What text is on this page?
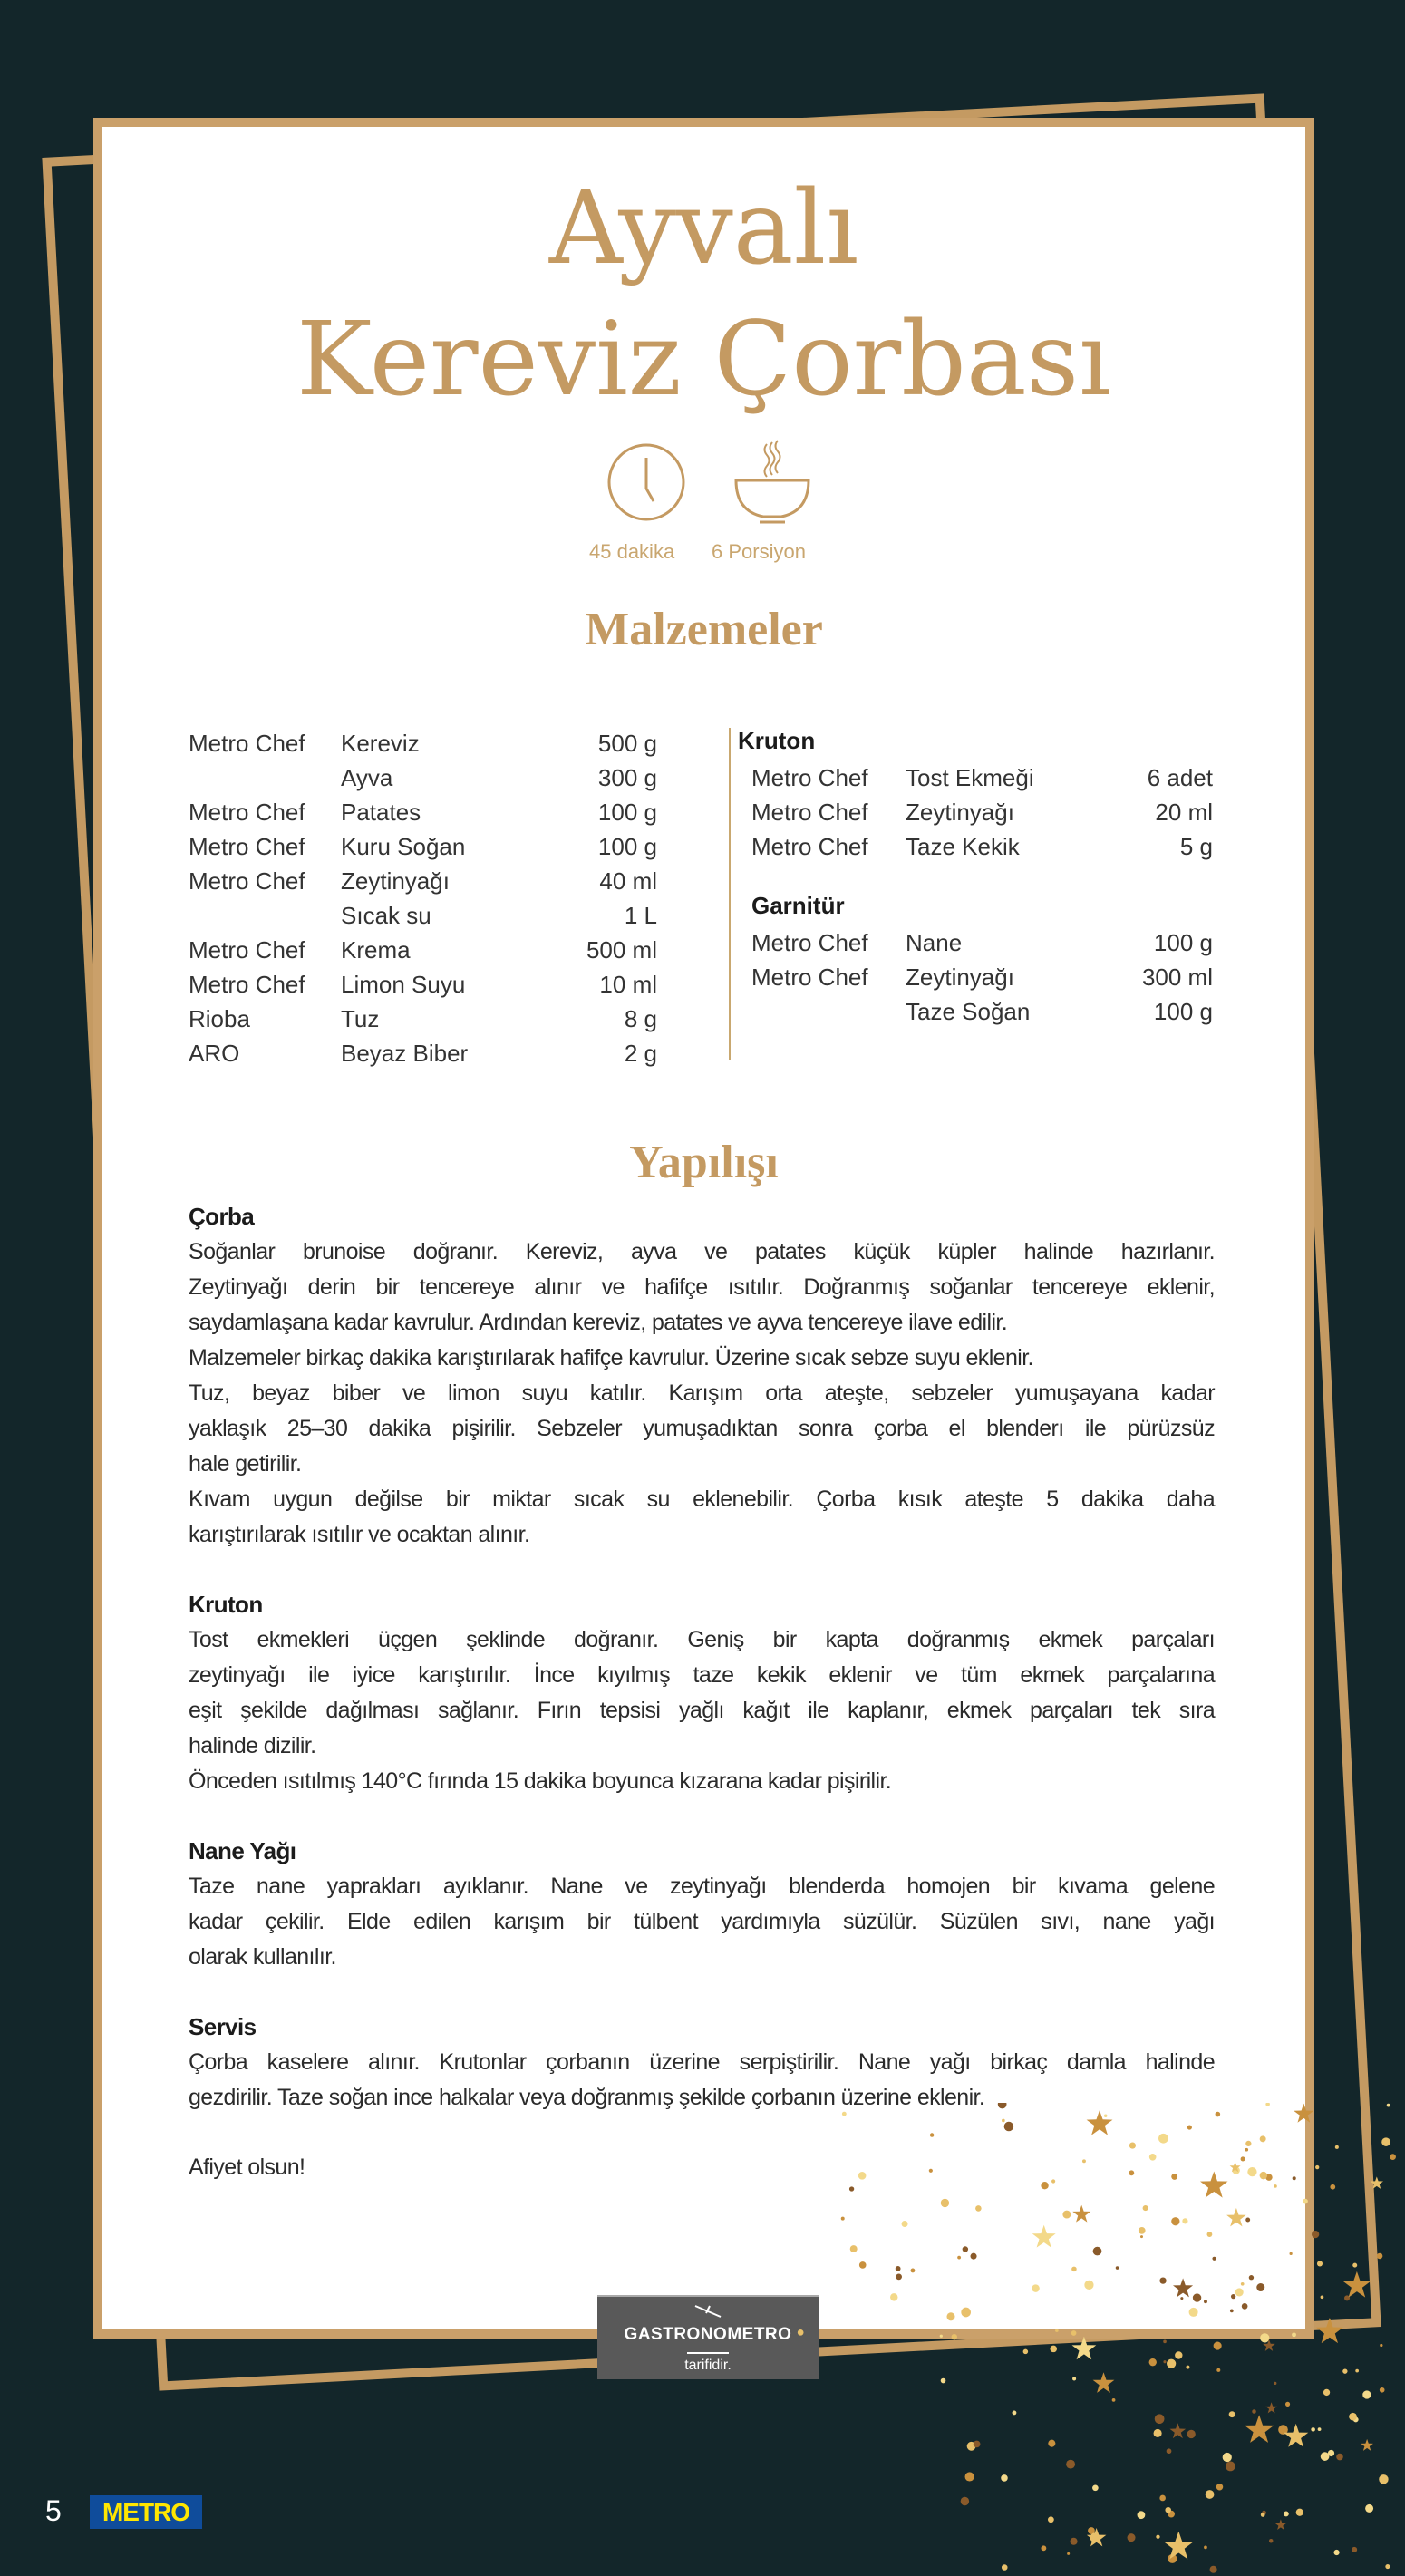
Ayvalı
Kereviz Çorbası
45 dakika 6 Porsiyon
Malzemeler
Metro Chef Kereviz	500 g
Ayva	300 g
Metro Chef Patates	100 g
Metro Chef Kuru Soğan	100 g
Metro Chef Zeytinyağı	40 ml
Sıcak su	1 L
Metro Chef Krema	500 ml
Metro Chef Limon Suyu	10 ml
Rioba	Tuz	8 g
ARO	Beyaz Biber	2 g
Kruton
Metro Chef Tost Ekmeği	6 adet
Metro Chef Zeytinyağı	20 ml
Metro Chef Taze Kekik	5 g
Garnitür
Metro Chef Nane	100 g
Metro Chef Zeytinyağı	300 ml
Taze Soğan	100 g
Yapılışı
Çorba
Soğanlar brunoise doğranır. Kereviz, ayva ve patates küçük küpler halinde hazırlanır.
Zeytinyağı derin bir tencereye alınır ve hafifçe ısıtılır. Doğranmış soğanlar tencereye eklenir,
saydamlaşana kadar kavrulur. Ardından kereviz, patates ve ayva tencereye ilave edilir.
Malzemeler birkaç dakika karıştırılarak hafifçe kavrulur. Üzerine sıcak sebze suyu eklenir.
Tuz, beyaz biber ve limon suyu katılır. Karışım orta ateşte, sebzeler yumuşayana kadar
yaklaşık 25–30 dakika pişirilir. Sebzeler yumuşadıktan sonra çorba el blenderı ile pürüzsüz
hale getirilir.
Kıvam uygun değilse bir miktar sıcak su eklenebilir. Çorba kısık ateşte 5 dakika daha
karıştırılarak ısıtılır ve ocaktan alınır.
Kruton
Tost ekmekleri üçgen şeklinde doğranır. Geniş bir kapta doğranmış ekmek parçaları
zeytinyağı ile iyice karıştırılır. İnce kıyılmış taze kekik eklenir ve tüm ekmek parçalarına
eşit şekilde dağılması sağlanır. Fırın tepsisi yağlı kağıt ile kaplanır, ekmek parçaları tek sıra
halinde dizilir.
Önceden ısıtılmış 140°C fırında 15 dakika boyunca kızarana kadar pişirilir.
Nane Yağı
Taze nane yaprakları ayıklanır. Nane ve zeytinyağı blenderda homojen bir kıvama gelene
kadar çekilir. Elde edilen karışım bir tülbent yardımıyla süzülür. Süzülen sıvı, nane yağı
olarak kullanılır.
Servis
Çorba kaselere alınır. Krutonlar çorbanın üzerine serpiştirilir. Nane yağı birkaç damla halinde
gezdirilir. Taze soğan ince halkalar veya doğranmış şekilde çorbanın üzerine eklenir.
Afiyet olsun!
GASTRONOMETRO
tarifidir.
5	METRO
